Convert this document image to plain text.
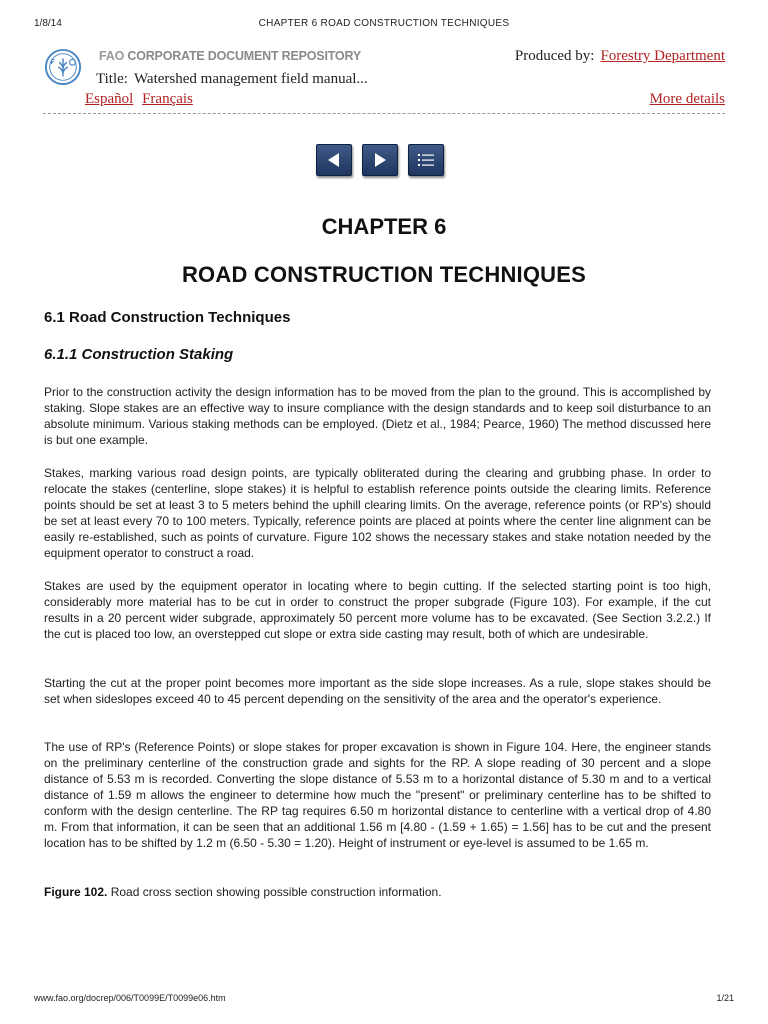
1/8/14	CHAPTER 6 ROAD CONSTRUCTION TECHNIQUES
FAO CORPORATE DOCUMENT REPOSITORY	Produced by: Forestry Department
Title: Watershed management field manual...
Español Français	More details
CHAPTER 6
ROAD CONSTRUCTION TECHNIQUES
6.1 Road Construction Techniques
6.1.1 Construction Staking

Prior to the construction activity the design information has to be moved from the plan to the ground. This is accomplished by staking. Slope stakes are an effective way to insure compliance with the design standards and to keep soil disturbance to an absolute minimum. Various staking methods can be employed. (Dietz et al., 1984; Pearce, 1960) The method discussed here is but one example.

Stakes, marking various road design points, are typically obliterated during the clearing and grubbing phase. In order to relocate the stakes (centerline, slope stakes) it is helpful to establish reference points outside the clearing limits. Reference points should be set at least 3 to 5 meters behind the uphill clearing limits. On the average, reference points (or RP's) should be set at least every 70 to 100 meters. Typically, reference points are placed at points where the center line alignment can be easily re-established, such as points of curvature. Figure 102 shows the necessary stakes and stake notation needed by the equipment operator to construct a road.

Stakes are used by the equipment operator in locating where to begin cutting. If the selected starting point is too high, considerably more material has to be cut in order to construct the proper subgrade (Figure 103). For example, if the cut results in a 20 percent wider subgrade, approximately 50 percent more volume has to be excavated. (See Section 3.2.2.) If the cut is placed too low, an overstepped cut slope or extra side casting may result, both of which are undesirable.

Starting the cut at the proper point becomes more important as the side slope increases. As a rule, slope stakes should be set when sideslopes exceed 40 to 45 percent depending on the sensitivity of the area and the operator's experience.

The use of RP's (Reference Points) or slope stakes for proper excavation is shown in Figure 104. Here, the engineer stands on the preliminary centerline of the construction grade and sights for the RP. A slope reading of 30 percent and a slope distance of 5.53 m is recorded. Converting the slope distance of 5.53 m to a horizontal distance of 5.30 m and to a vertical distance of 1.59 m allows the engineer to determine how much the "present" or preliminary centerline has to be shifted to conform with the design centerline. The RP tag requires 6.50 m horizontal distance to centerline with a vertical drop of 4.80 m. From that information, it can be seen that an additional 1.56 m [4.80 - (1.59 + 1.65) = 1.56] has to be cut and the present location has to be shifted by 1.2 m (6.50 - 5.30 = 1.20). Height of instrument or eye-level is assumed to be 1.65 m.

Figure 102. Road cross section showing possible construction information.
www.fao.org/docrep/006/T0099E/T0099e06.htm	1/21
